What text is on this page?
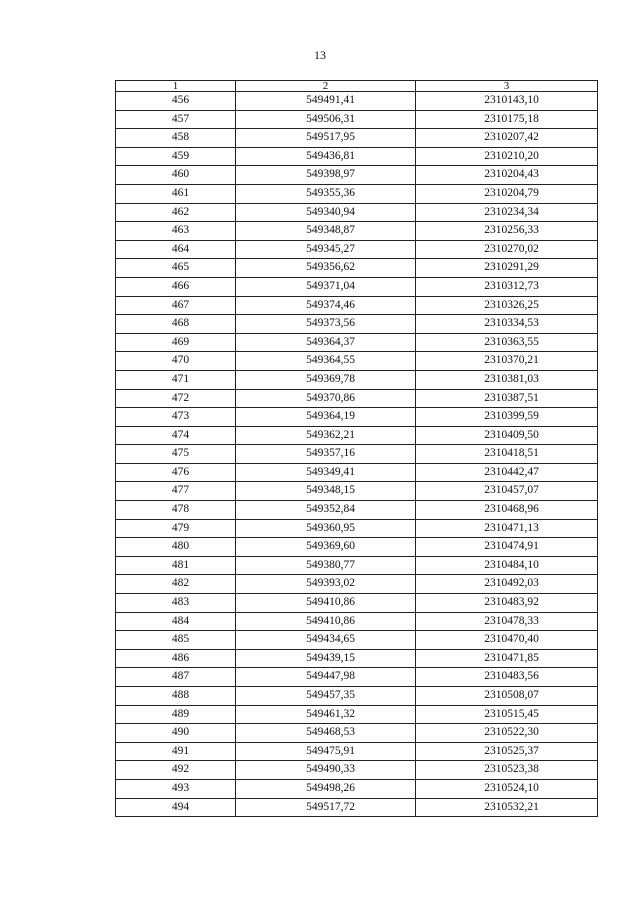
13
1	2	3
456	549491,41	2310143,10
457	549506,31	2310175,18
458	549517,95	2310207,42
459	549436,81	2310210,20
460	549398,97	2310204,43
461	549355,36	2310204,79
462	549340,94	2310234,34
463	549348,87	2310256,33
464	549345,27	2310270,02
465	549356,62	2310291,29
466	549371,04	2310312,73
467	549374,46	2310326,25
468	549373,56	2310334,53
469	549364,37	2310363,55
470	549364,55	2310370,21
471	549369,78	2310381,03
472	549370,86	2310387,51
473	549364,19	2310399,59
474	549362,21	2310409,50
475	549357,16	2310418,51
476	549349,41	2310442,47
477	549348,15	2310457,07
478	549352,84	2310468,96
479	549360,95	2310471,13
480	549369,60	2310474,91
481	549380,77	2310484,10
482	549393,02	2310492,03
483	549410,86	2310483,92
484	549410,86	2310478,33
485	549434,65	2310470,40
486	549439,15	2310471,85
487	549447,98	2310483,56
488	549457,35	2310508,07
489	549461,32	2310515,45
490	549468,53	2310522,30
491	549475,91	2310525,37
492	549490,33	2310523,38
493	549498,26	2310524,10
494	549517,72	2310532,21
